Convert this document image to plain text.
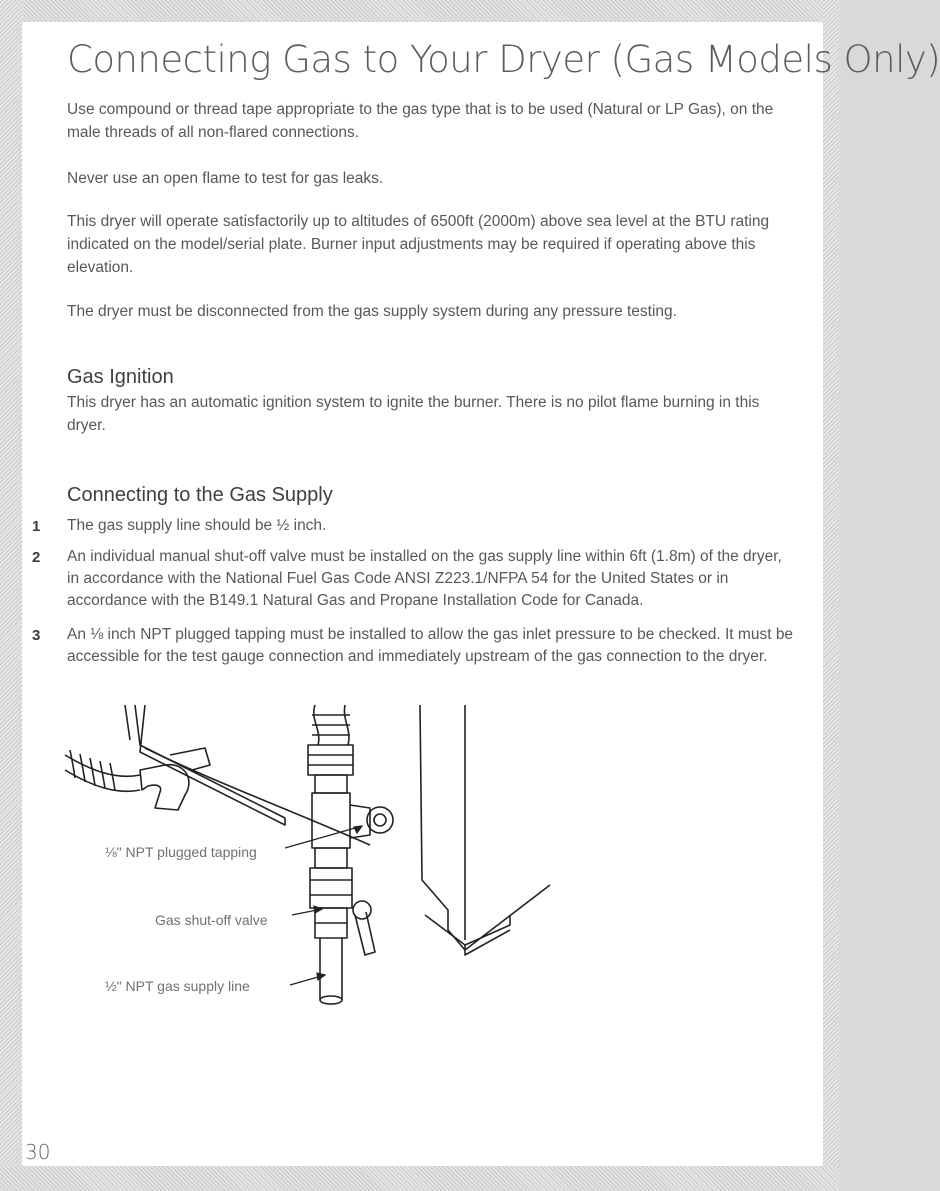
Connecting Gas to Your Dryer (Gas Models Only)

Use compound or thread tape appropriate to the gas type that is to be used (Natural or LP Gas), on the male threads of all non-flared connections.

Never use an open flame to test for gas leaks.

This dryer will operate satisfactorily up to altitudes of 6500ft (2000m) above sea level at the BTU rating indicated on the model/serial plate. Burner input adjustments may be required if operating above this elevation.

The dryer must be disconnected from the gas supply system during any pressure testing.

Gas Ignition

This dryer has an automatic ignition system to ignite the burner. There is no pilot flame burning in this dryer.

Connecting to the Gas Supply
1 The gas supply line should be ½ inch.

2 An individual manual shut-off valve must be installed on the gas supply line within 6ft (1.8m) of the dryer, in accordance with the National Fuel Gas Code ANSI Z223.1/NFPA 54 for the United States or in accordance with the B149.1 Natural Gas and Propane Installation Code for Canada.

3 An ⅛ inch NPT plugged tapping must be installed to allow the gas inlet pressure to be checked. It must be accessible for the test gauge connection and immediately upstream of the gas connection to the dryer.

⅛" NPT plugged tapping
Gas shut-off valve
½" NPT gas supply line
30
